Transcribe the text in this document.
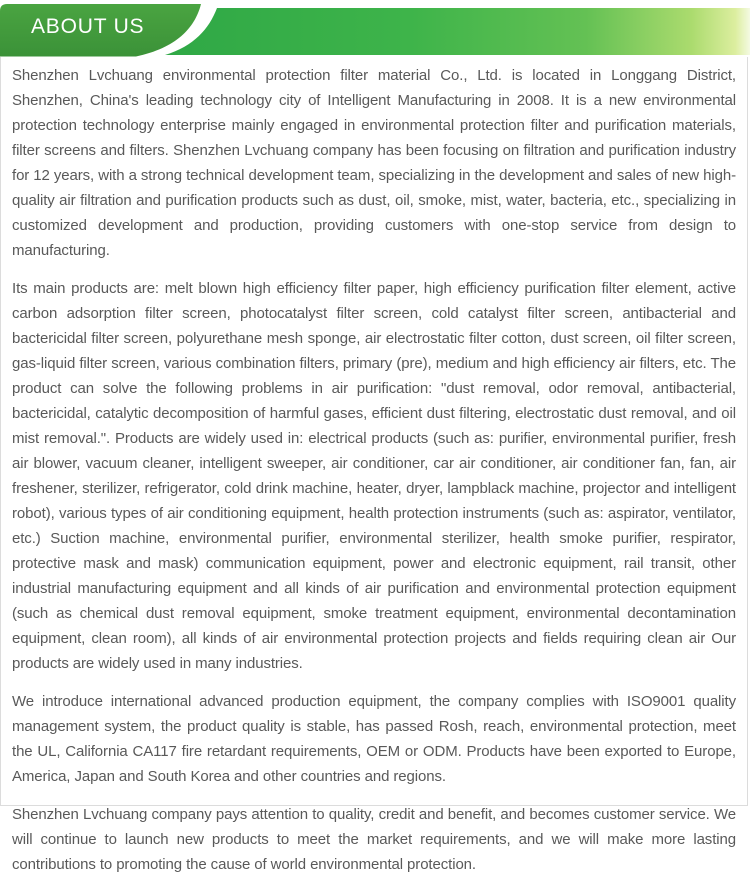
ABOUT US

Shenzhen Lvchuang environmental protection filter material Co., Ltd. is located in Longgang District, Shenzhen, China's leading technology city of Intelligent Manufacturing in 2008. It is a new environmental protection technology enterprise mainly engaged in environmental protection filter and purification materials, filter screens and filters. Shenzhen Lvchuang company has been focusing on filtration and purification industry for 12 years, with a strong technical development team, specializing in the development and sales of new high-quality air filtration and purification products such as dust, oil, smoke, mist, water, bacteria, etc., specializing in customized development and production, providing customers with one-stop service from design to manufacturing.

Its main products are: melt blown high efficiency filter paper, high efficiency purification filter element, active carbon adsorption filter screen, photocatalyst filter screen, cold catalyst filter screen, antibacterial and bactericidal filter screen, polyurethane mesh sponge, air electrostatic filter cotton, dust screen, oil filter screen, gas-liquid filter screen, various combination filters, primary (pre), medium and high efficiency air filters, etc. The product can solve the following problems in air purification: "dust removal, odor removal, antibacterial, bactericidal, catalytic decomposition of harmful gases, efficient dust filtering, electrostatic dust removal, and oil mist removal.". Products are widely used in: electrical products (such as: purifier, environmental purifier, fresh air blower, vacuum cleaner, intelligent sweeper, air conditioner, car air conditioner, air conditioner fan, fan, air freshener, sterilizer, refrigerator, cold drink machine, heater, dryer, lampblack machine, projector and intelligent robot), various types of air conditioning equipment, health protection instruments (such as: aspirator, ventilator, etc.) Suction machine, environmental purifier, environmental sterilizer, health smoke purifier, respirator, protective mask and mask) communication equipment, power and electronic equipment, rail transit, other industrial manufacturing equipment and all kinds of air purification and environmental protection equipment (such as chemical dust removal equipment, smoke treatment equipment, environmental decontamination equipment, clean room), all kinds of air environmental protection projects and fields requiring clean air Our products are widely used in many industries.

We introduce international advanced production equipment, the company complies with ISO9001 quality management system, the product quality is stable, has passed Rosh, reach, environmental protection, meet the UL, California CA117 fire retardant requirements, OEM or ODM. Products have been exported to Europe, America, Japan and South Korea and other countries and regions.

Shenzhen Lvchuang company pays attention to quality, credit and benefit, and becomes customer service. We will continue to launch new products to meet the market requirements, and we will make more lasting contributions to promoting the cause of world environmental protection.
